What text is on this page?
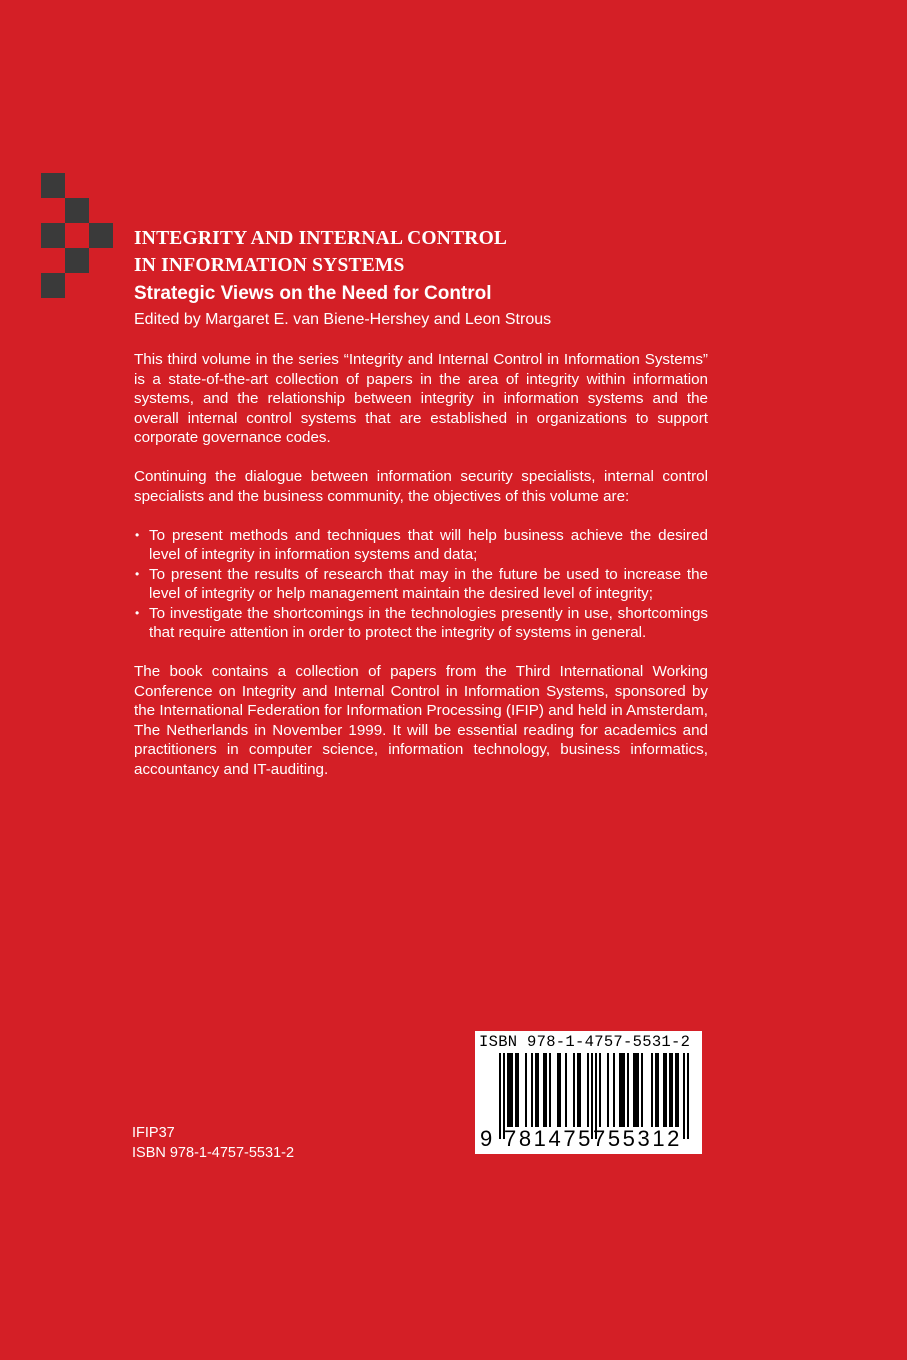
INTEGRITY AND INTERNAL CONTROL
IN INFORMATION SYSTEMS
Strategic Views on the Need for Control
Edited by Margaret E. van Biene-Hershey and Leon Strous

This third volume in the series “Integrity and Internal Control in Information Systems” is a state-of-the-art collection of papers in the area of integrity within information systems, and the relationship between integrity in information systems and the overall internal control systems that are established in organizations to support corporate governance codes.

Continuing the dialogue between information security specialists, internal control specialists and the business community, the objectives of this volume are:

• To present methods and techniques that will help business achieve the desired level of integrity in information systems and data;
• To present the results of research that may in the future be used to increase the level of integrity or help management maintain the desired level of integrity;
• To investigate the shortcomings in the technologies presently in use, shortcomings that require attention in order to protect the integrity of systems in general.

The book contains a collection of papers from the Third International Working Conference on Integrity and Internal Control in Information Systems, sponsored by the International Federation for Information Processing (IFIP) and held in Amsterdam, The Netherlands in November 1999. It will be essential reading for academics and practitioners in computer science, information technology, business informatics, accountancy and IT-auditing.

IFIP37
ISBN 978-1-4757-5531-2
ISBN 978-1-4757-5531-2
9 781475 755312
